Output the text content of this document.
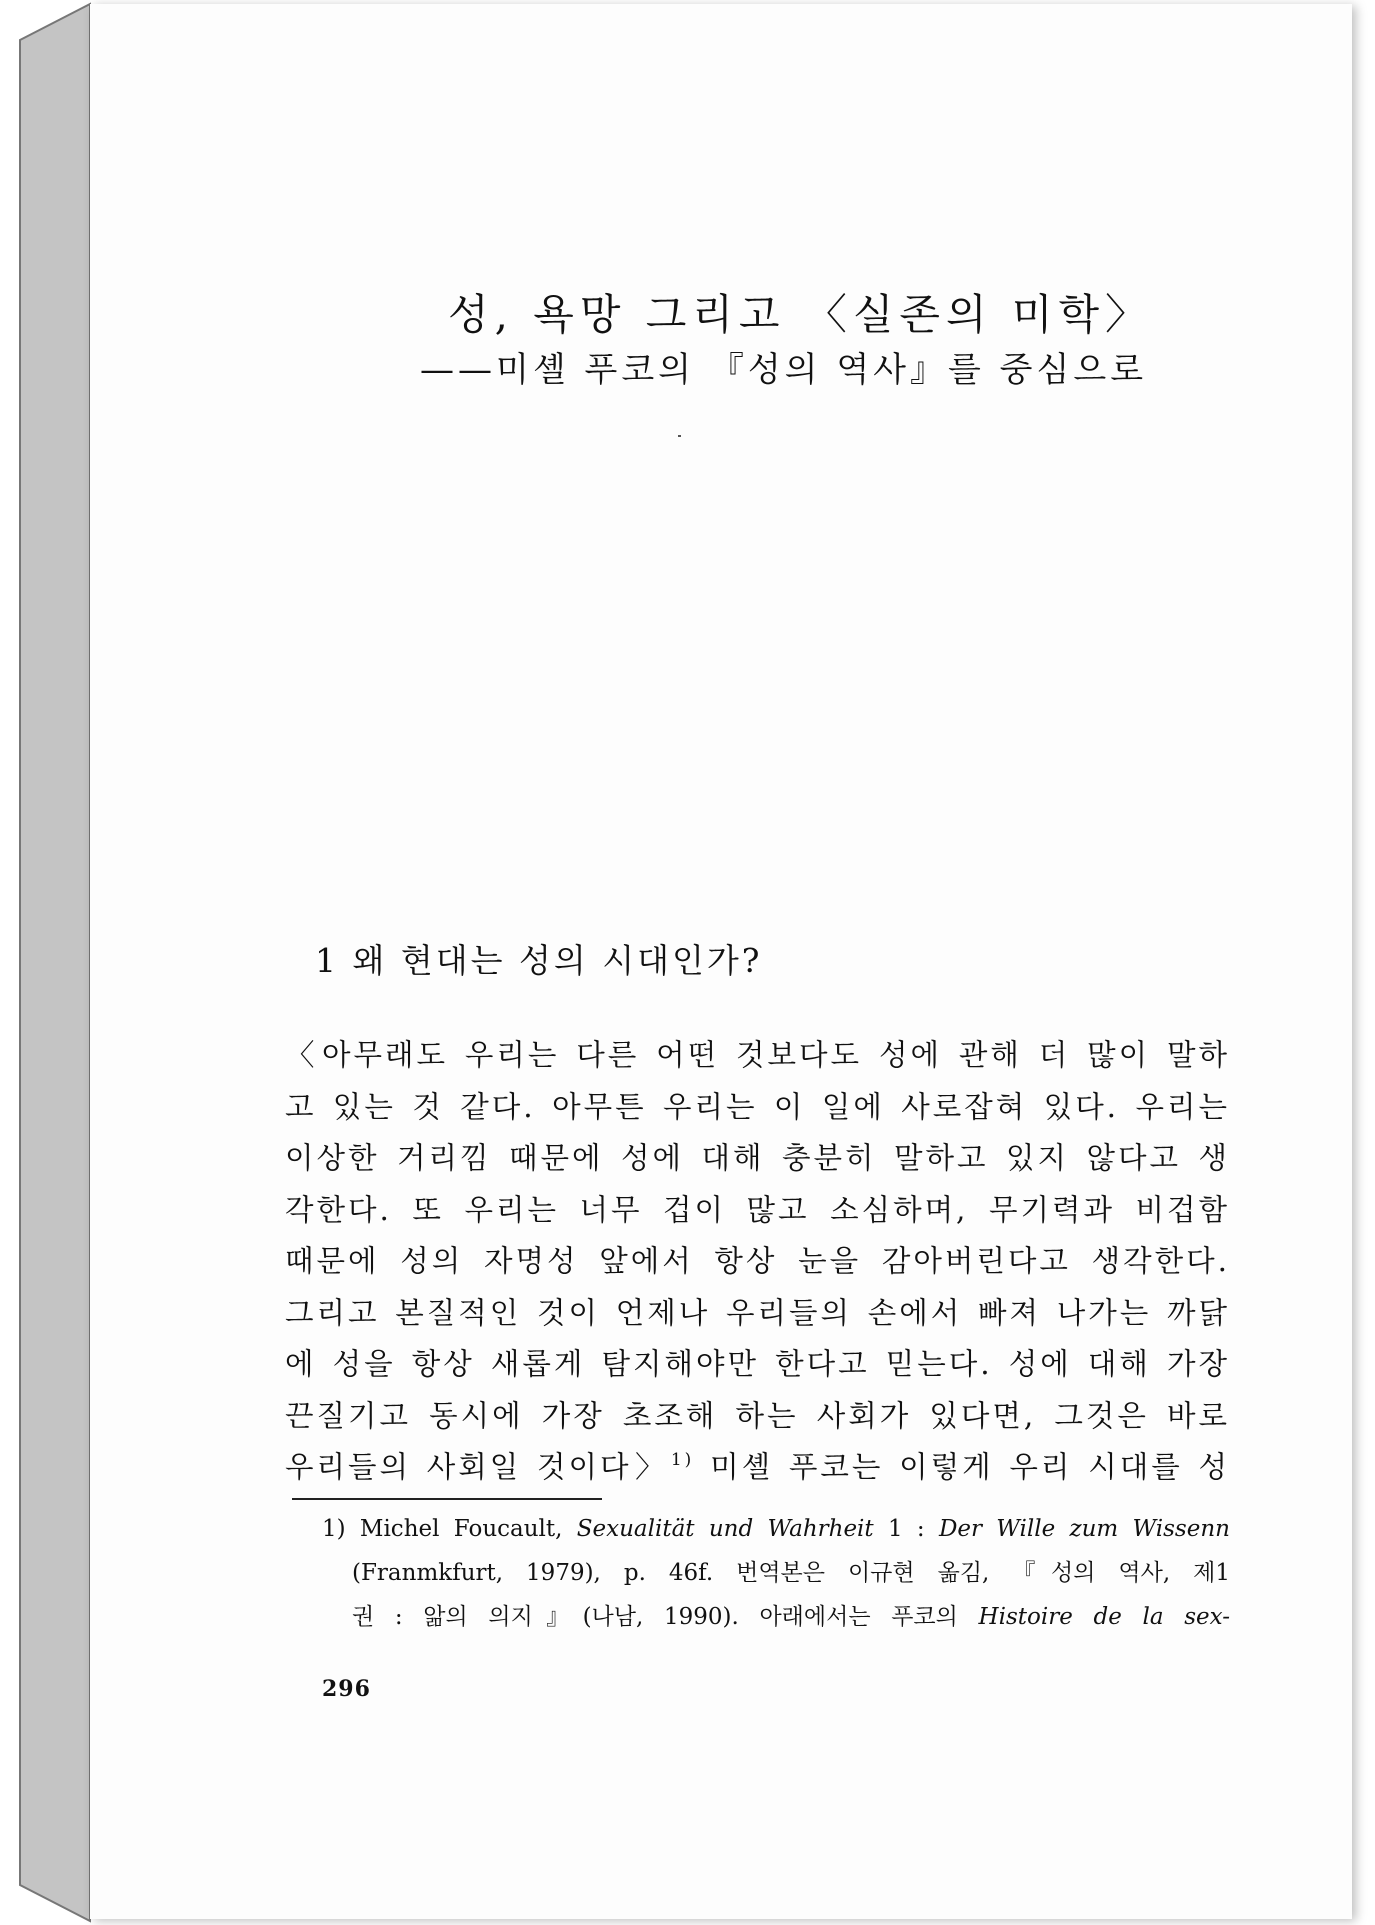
성, 욕망 그리고 〈실존의 미학〉
——미셸 푸코의 『성의 역사』를 중심으로
1 왜 현대는 성의 시대인가?
〈아무래도 우리는 다른 어떤 것보다도 성에 관해 더 많이 말하
고 있는 것 같다. 아무튼 우리는 이 일에 사로잡혀 있다. 우리는
이상한 거리낌 때문에 성에 대해 충분히 말하고 있지 않다고 생
각한다. 또 우리는 너무 겁이 많고 소심하며, 무기력과 비겁함
때문에 성의 자명성 앞에서 항상 눈을 감아버린다고 생각한다.
그리고 본질적인 것이 언제나 우리들의 손에서 빠져 나가는 까닭
에 성을 항상 새롭게 탐지해야만 한다고 믿는다. 성에 대해 가장
끈질기고 동시에 가장 초조해 하는 사회가 있다면, 그것은 바로
우리들의 사회일 것이다〉$^{1)}$ 미셸 푸코는 이렇게 우리 시대를 성
1) Michel Foucault, Sexualität und Wahrheit 1 : Der Wille zum Wissenn
(Franmkfurt, 1979), p. 46f. 번역본은 이규현 옮김, 『성의 역사, 제1
권 : 앎의 의지』(나남, 1990). 아래에서는 푸코의 Histoire de la sex-
296
